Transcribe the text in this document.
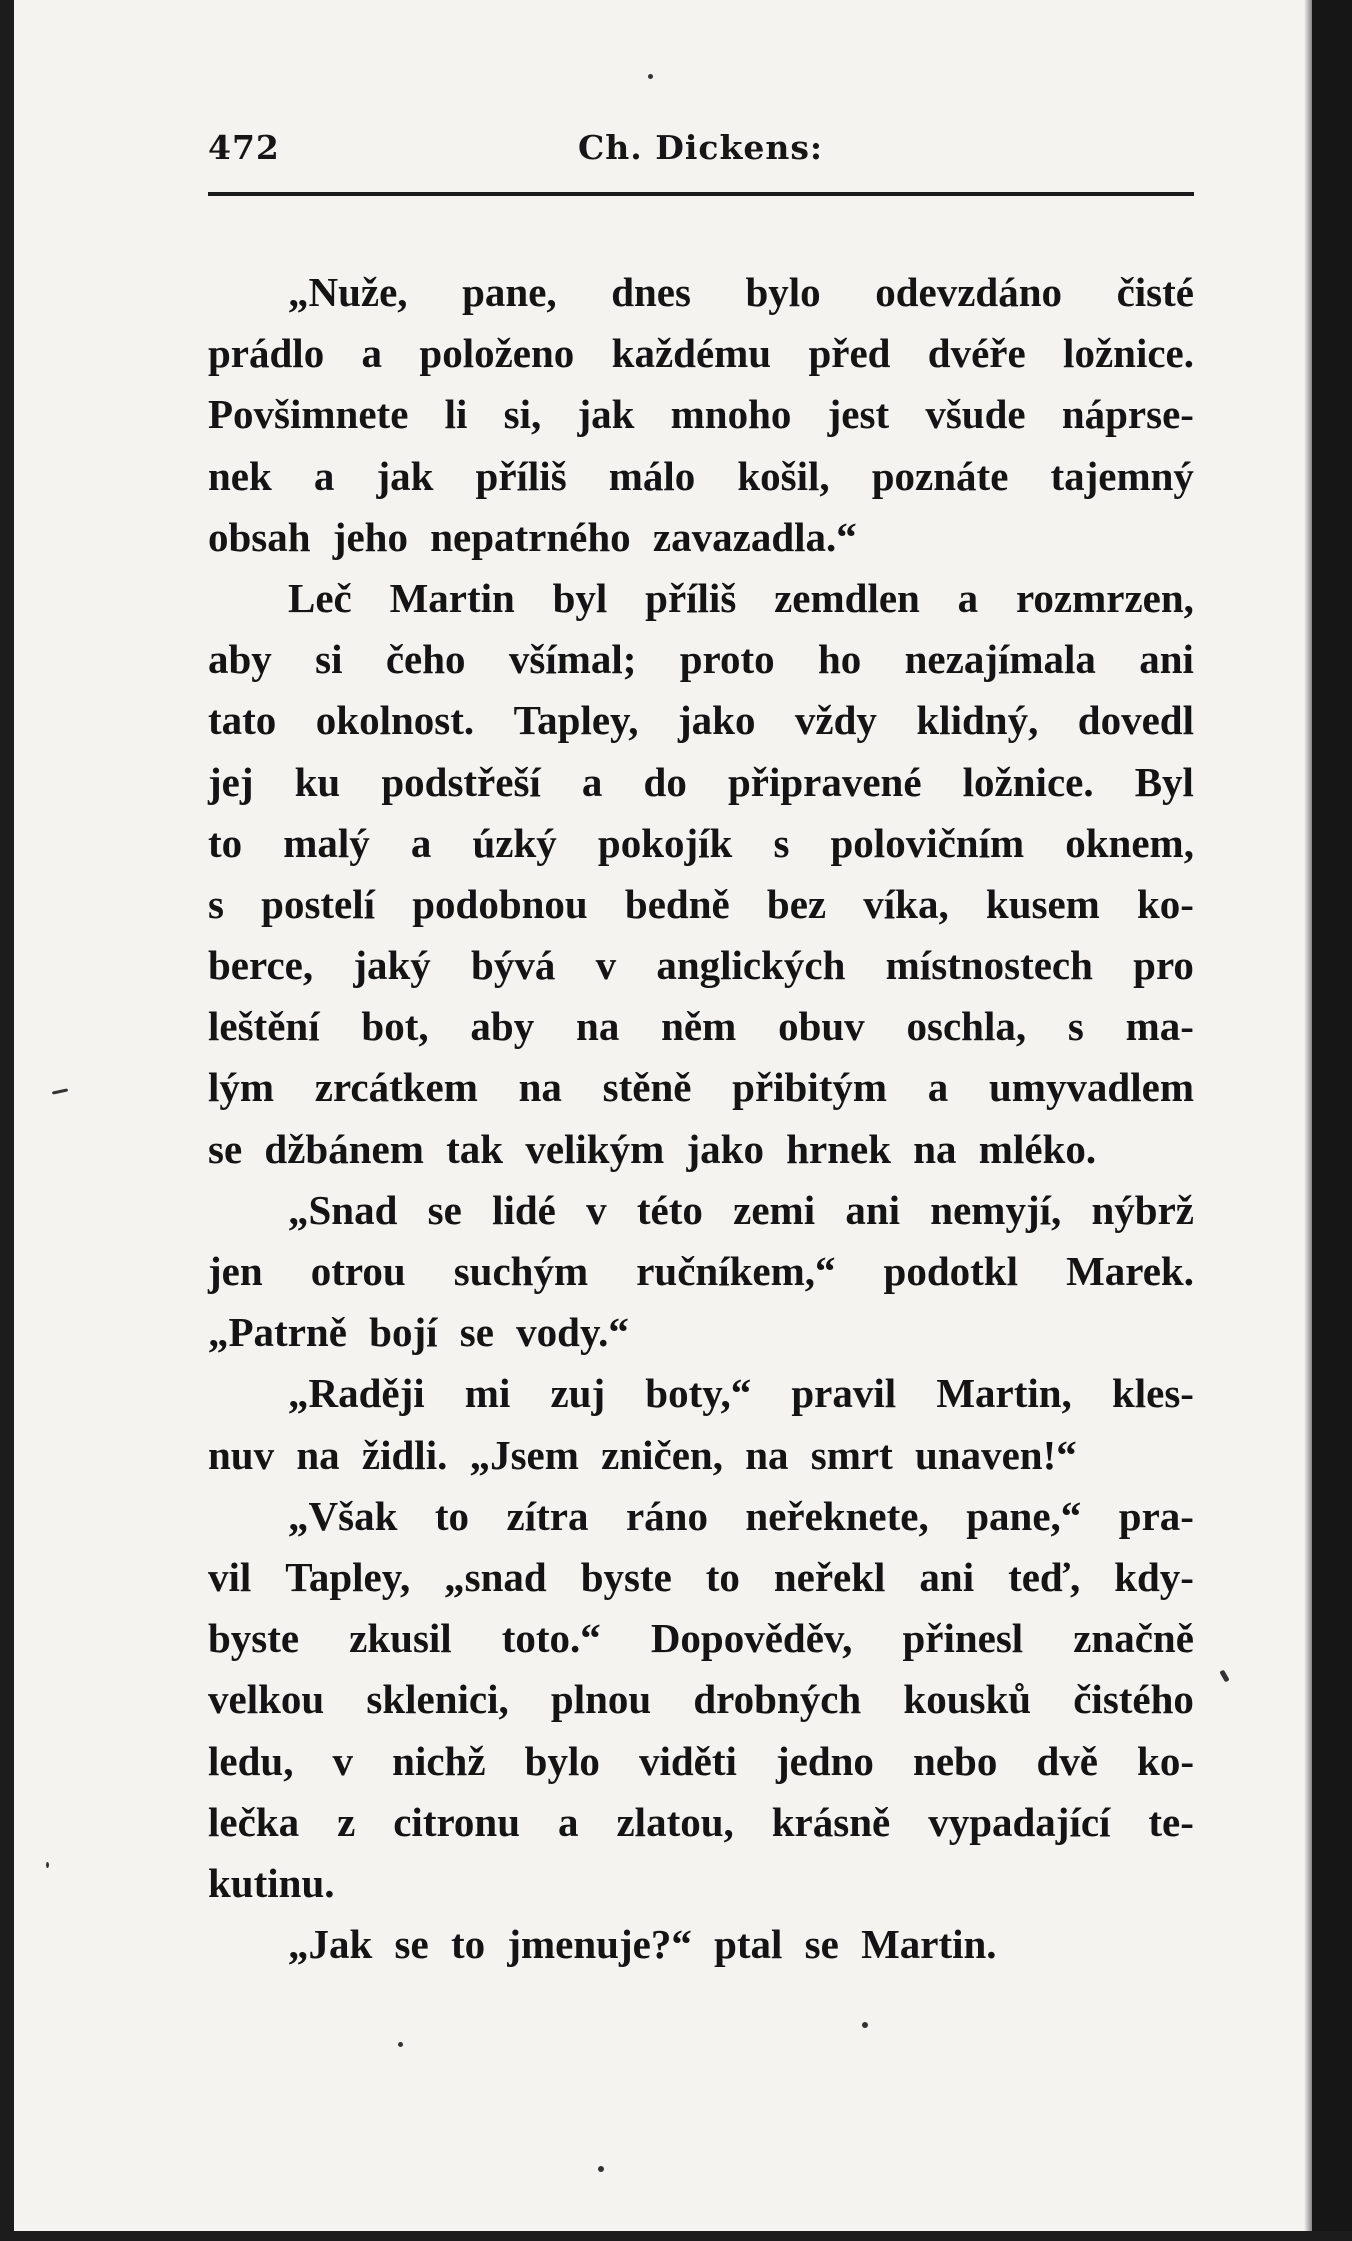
472	Ch. Dickens:
„Nuže, pane, dnes bylo odevzdáno čisté
prádlo a položeno každému před dvéře ložnice.
Povšimnete li si, jak mnoho jest všude náprse-
nek a jak příliš málo košil, poznáte tajemný
obsah jeho nepatrného zavazadla.“
Leč Martin byl příliš zemdlen a rozmrzen,
aby si čeho všímal; proto ho nezajímala ani
tato okolnost. Tapley, jako vždy klidný, dovedl
jej ku podstřeší a do připravené ložnice. Byl
to malý a úzký pokojík s polovičním oknem,
s postelí podobnou bedně bez víka, kusem ko-
berce, jaký bývá v anglických místnostech pro
leštění bot, aby na něm obuv oschla, s ma-
lým zrcátkem na stěně přibitým a umyvadlem
se džbánem tak velikým jako hrnek na mléko.
„Snad se lidé v této zemi ani nemyjí, nýbrž
jen otrou suchým ručníkem,“ podotkl Marek.
„Patrně bojí se vody.“
„Raději mi zuj boty,“ pravil Martin, kles-
nuv na židli. „Jsem zničen, na smrt unaven!“
„Však to zítra ráno neřeknete, pane,“ pra-
vil Tapley, „snad byste to neřekl ani teď, kdy-
byste zkusil toto.“ Dopověděv, přinesl značně
velkou sklenici, plnou drobných kousků čistého
ledu, v nichž bylo viděti jedno nebo dvě ko-
lečka z citronu a zlatou, krásně vypadající te-
kutinu.
„Jak se to jmenuje?“ ptal se Martin.
